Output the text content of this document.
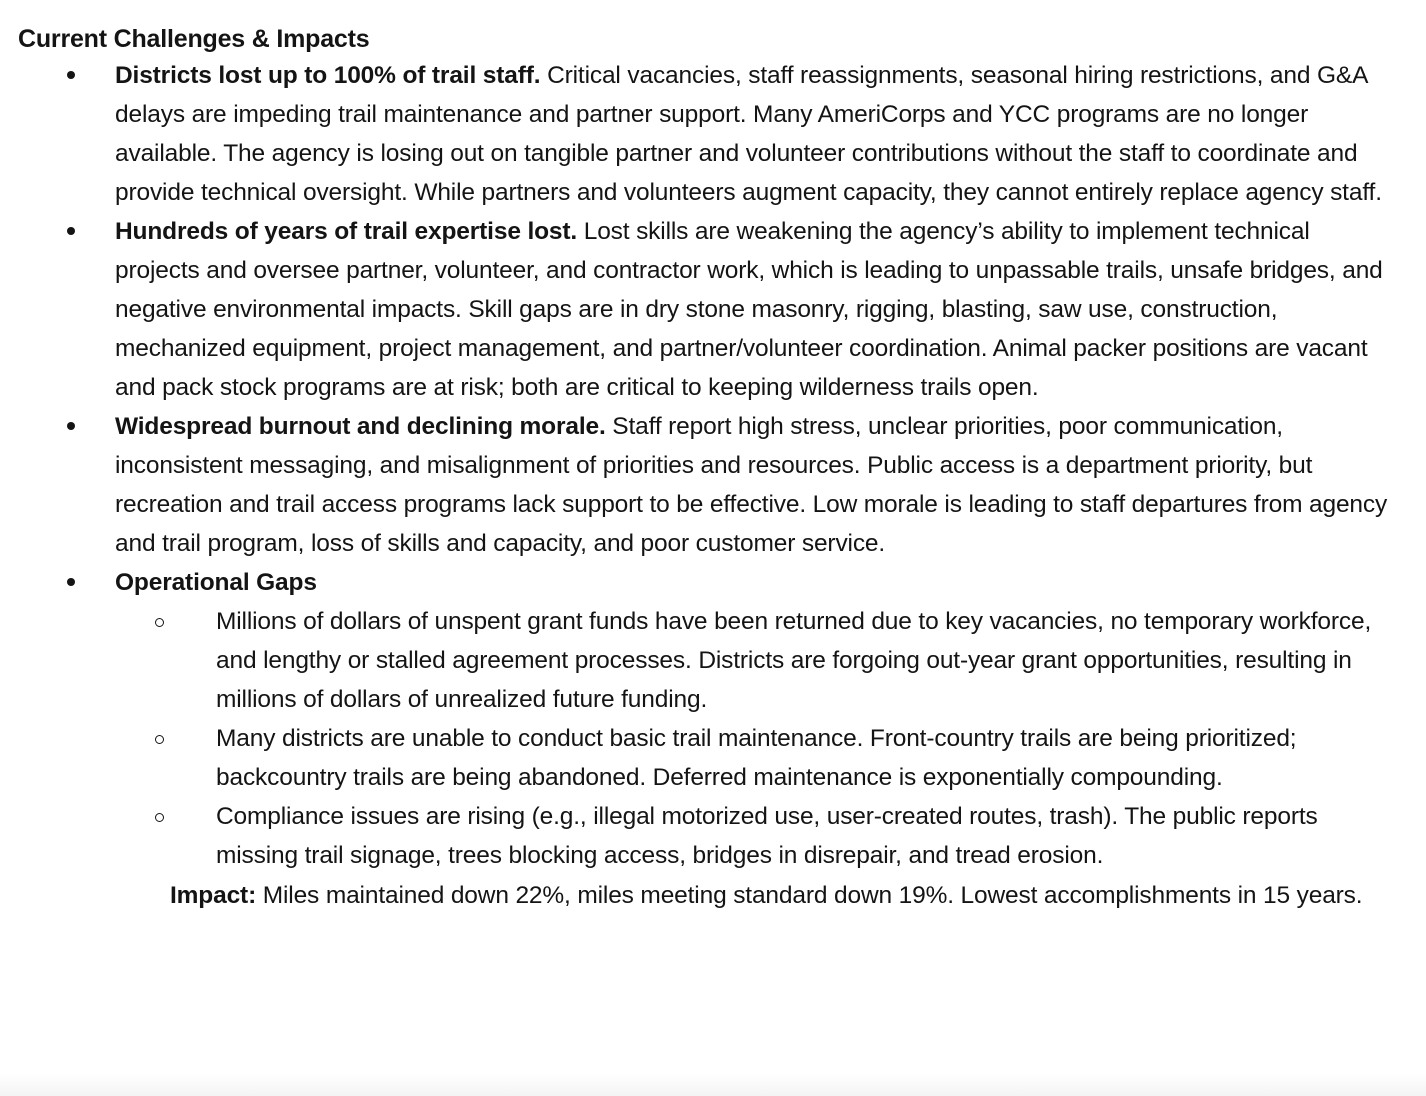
Current Challenges & Impacts
Districts lost up to 100% of trail staff. Critical vacancies, staff reassignments, seasonal hiring restrictions, and G&A delays are impeding trail maintenance and partner support. Many AmeriCorps and YCC programs are no longer available. The agency is losing out on tangible partner and volunteer contributions without the staff to coordinate and provide technical oversight. While partners and volunteers augment capacity, they cannot entirely replace agency staff.
Hundreds of years of trail expertise lost. Lost skills are weakening the agency’s ability to implement technical projects and oversee partner, volunteer, and contractor work, which is leading to unpassable trails, unsafe bridges, and negative environmental impacts. Skill gaps are in dry stone masonry, rigging, blasting, saw use, construction, mechanized equipment, project management, and partner/volunteer coordination. Animal packer positions are vacant and pack stock programs are at risk; both are critical to keeping wilderness trails open.
Widespread burnout and declining morale. Staff report high stress, unclear priorities, poor communication, inconsistent messaging, and misalignment of priorities and resources. Public access is a department priority, but recreation and trail access programs lack support to be effective. Low morale is leading to staff departures from agency and trail program, loss of skills and capacity, and poor customer service.
Operational Gaps
Millions of dollars of unspent grant funds have been returned due to key vacancies, no temporary workforce, and lengthy or stalled agreement processes. Districts are forgoing out-year grant opportunities, resulting in millions of dollars of unrealized future funding.
Many districts are unable to conduct basic trail maintenance. Front-country trails are being prioritized; backcountry trails are being abandoned. Deferred maintenance is exponentially compounding.
Compliance issues are rising (e.g., illegal motorized use, user-created routes, trash). The public reports missing trail signage, trees blocking access, bridges in disrepair, and tread erosion.
Impact: Miles maintained down 22%, miles meeting standard down 19%. Lowest accomplishments in 15 years.
